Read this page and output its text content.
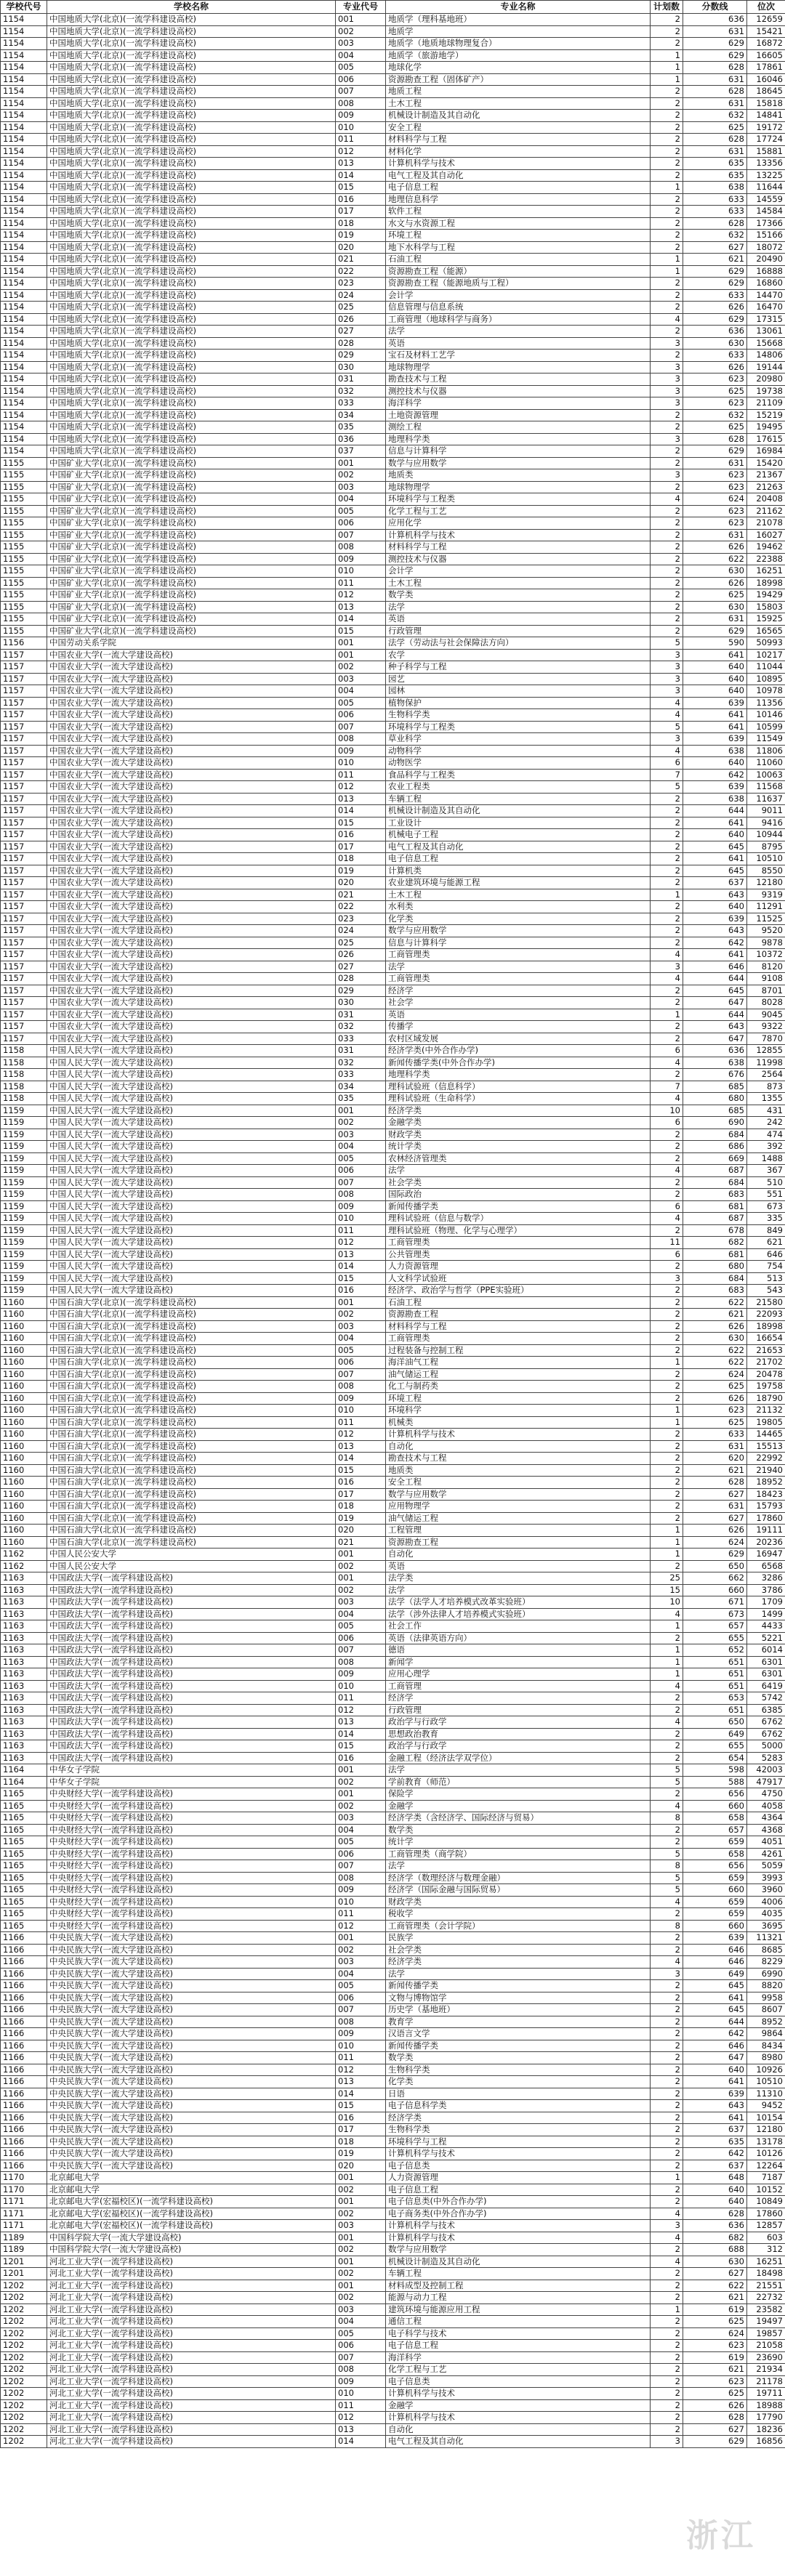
学校代号	学校名称	专业代号	专业名称	计划数	分数线	位次
1154	中国地质大学(北京)(一流学科建设高校)	001	地质学（理科基地班）	2	636	12659
1154	中国地质大学(北京)(一流学科建设高校)	002	地质学	2	631	15421
1154	中国地质大学(北京)(一流学科建设高校)	003	地质学（地质地球物理复合）	2	629	16872
1154	中国地质大学(北京)(一流学科建设高校)	004	地质学（旅游地学）	1	629	16605
1154	中国地质大学(北京)(一流学科建设高校)	005	地球化学	1	628	17861
1154	中国地质大学(北京)(一流学科建设高校)	006	资源勘查工程（固体矿产）	1	631	16046
1154	中国地质大学(北京)(一流学科建设高校)	007	地质工程	2	628	18645
1154	中国地质大学(北京)(一流学科建设高校)	008	土木工程	2	631	15818
1154	中国地质大学(北京)(一流学科建设高校)	009	机械设计制造及其自动化	2	632	14841
1154	中国地质大学(北京)(一流学科建设高校)	010	安全工程	2	625	19172
1154	中国地质大学(北京)(一流学科建设高校)	011	材料科学与工程	2	628	17724
1154	中国地质大学(北京)(一流学科建设高校)	012	材料化学	2	631	15881
1154	中国地质大学(北京)(一流学科建设高校)	013	计算机科学与技术	2	635	13356
1154	中国地质大学(北京)(一流学科建设高校)	014	电气工程及其自动化	2	635	13225
1154	中国地质大学(北京)(一流学科建设高校)	015	电子信息工程	1	638	11644
1154	中国地质大学(北京)(一流学科建设高校)	016	地理信息科学	2	633	14559
1154	中国地质大学(北京)(一流学科建设高校)	017	软件工程	2	633	14584
1154	中国地质大学(北京)(一流学科建设高校)	018	水文与水资源工程	2	628	17366
1154	中国地质大学(北京)(一流学科建设高校)	019	环境工程	2	632	15166
1154	中国地质大学(北京)(一流学科建设高校)	020	地下水科学与工程	2	627	18072
1154	中国地质大学(北京)(一流学科建设高校)	021	石油工程	1	621	20490
1154	中国地质大学(北京)(一流学科建设高校)	022	资源勘查工程（能源）	1	629	16888
1154	中国地质大学(北京)(一流学科建设高校)	023	资源勘查工程（能源地质与工程）	2	629	16860
1154	中国地质大学(北京)(一流学科建设高校)	024	会计学	2	633	14470
1154	中国地质大学(北京)(一流学科建设高校)	025	信息管理与信息系统	2	626	16470
1154	中国地质大学(北京)(一流学科建设高校)	026	工商管理（地球科学与商务）	4	629	17315
1154	中国地质大学(北京)(一流学科建设高校)	027	法学	2	636	13061
1154	中国地质大学(北京)(一流学科建设高校)	028	英语	3	630	15668
1154	中国地质大学(北京)(一流学科建设高校)	029	宝石及材料工艺学	2	633	14806
1154	中国地质大学(北京)(一流学科建设高校)	030	地球物理学	3	626	19144
1154	中国地质大学(北京)(一流学科建设高校)	031	勘查技术与工程	3	623	20980
1154	中国地质大学(北京)(一流学科建设高校)	032	测控技术与仪器	3	625	19738
1154	中国地质大学(北京)(一流学科建设高校)	033	海洋科学	3	623	21109
1154	中国地质大学(北京)(一流学科建设高校)	034	土地资源管理	2	632	15219
1154	中国地质大学(北京)(一流学科建设高校)	035	测绘工程	2	625	19495
1154	中国地质大学(北京)(一流学科建设高校)	036	地理科学类	3	628	17615
1154	中国地质大学(北京)(一流学科建设高校)	037	信息与计算科学	2	629	16984
1155	中国矿业大学(北京)(一流学科建设高校)	001	数学与应用数学	2	631	15420
1155	中国矿业大学(北京)(一流学科建设高校)	002	地质类	3	623	21367
1155	中国矿业大学(北京)(一流学科建设高校)	003	地球物理学	2	623	21263
1155	中国矿业大学(北京)(一流学科建设高校)	004	环境科学与工程类	4	624	20408
1155	中国矿业大学(北京)(一流学科建设高校)	005	化学工程与工艺	2	623	21162
1155	中国矿业大学(北京)(一流学科建设高校)	006	应用化学	2	623	21078
1155	中国矿业大学(北京)(一流学科建设高校)	007	计算机科学与技术	2	631	16027
1155	中国矿业大学(北京)(一流学科建设高校)	008	材料科学与工程	2	626	19462
1155	中国矿业大学(北京)(一流学科建设高校)	009	测控技术与仪器	2	622	22388
1155	中国矿业大学(北京)(一流学科建设高校)	010	会计学	2	630	16251
1155	中国矿业大学(北京)(一流学科建设高校)	011	土木工程	2	626	18998
1155	中国矿业大学(北京)(一流学科建设高校)	012	数学类	2	625	19429
1155	中国矿业大学(北京)(一流学科建设高校)	013	法学	2	630	15803
1155	中国矿业大学(北京)(一流学科建设高校)	014	英语	2	631	15925
1155	中国矿业大学(北京)(一流学科建设高校)	015	行政管理	2	629	16565
1156	中国劳动关系学院	001	法学（劳动法与社会保障法方向）	5	590	50993
1157	中国农业大学(一流大学建设高校)	001	农学	3	641	10217
1157	中国农业大学(一流大学建设高校)	002	种子科学与工程	3	640	11044
1157	中国农业大学(一流大学建设高校)	003	园艺	3	640	10895
1157	中国农业大学(一流大学建设高校)	004	园林	3	640	10978
1157	中国农业大学(一流大学建设高校)	005	植物保护	4	639	11356
1157	中国农业大学(一流大学建设高校)	006	生物科学类	4	641	10146
1157	中国农业大学(一流大学建设高校)	007	环境科学与工程类	5	641	10599
1157	中国农业大学(一流大学建设高校)	008	草业科学	3	639	11549
1157	中国农业大学(一流大学建设高校)	009	动物科学	4	638	11806
1157	中国农业大学(一流大学建设高校)	010	动物医学	6	640	11060
1157	中国农业大学(一流大学建设高校)	011	食品科学与工程类	7	642	10063
1157	中国农业大学(一流大学建设高校)	012	农业工程类	5	639	11568
1157	中国农业大学(一流大学建设高校)	013	车辆工程	2	638	11637
1157	中国农业大学(一流大学建设高校)	014	机械设计制造及其自动化	2	644	9011
1157	中国农业大学(一流大学建设高校)	015	工业设计	2	641	9416
1157	中国农业大学(一流大学建设高校)	016	机械电子工程	2	640	10944
1157	中国农业大学(一流大学建设高校)	017	电气工程及其自动化	2	645	8795
1157	中国农业大学(一流大学建设高校)	018	电子信息工程	2	641	10510
1157	中国农业大学(一流大学建设高校)	019	计算机类	2	645	8550
1157	中国农业大学(一流大学建设高校)	020	农业建筑环境与能源工程	2	637	12180
1157	中国农业大学(一流大学建设高校)	021	土木工程	1	643	9319
1157	中国农业大学(一流大学建设高校)	022	水利类	2	640	11291
1157	中国农业大学(一流大学建设高校)	023	化学类	2	639	11525
1157	中国农业大学(一流大学建设高校)	024	数学与应用数学	2	643	9520
1157	中国农业大学(一流大学建设高校)	025	信息与计算科学	2	642	9878
1157	中国农业大学(一流大学建设高校)	026	工商管理类	4	641	10372
1157	中国农业大学(一流大学建设高校)	027	法学	3	646	8120
1157	中国农业大学(一流大学建设高校)	028	工商管理类	4	644	9108
1157	中国农业大学(一流大学建设高校)	029	经济学	2	645	8701
1157	中国农业大学(一流大学建设高校)	030	社会学	2	647	8028
1157	中国农业大学(一流大学建设高校)	031	英语	1	644	9045
1157	中国农业大学(一流大学建设高校)	032	传播学	2	643	9322
1157	中国农业大学(一流大学建设高校)	033	农村区域发展	2	647	7870
1158	中国人民大学(一流大学建设高校)	031	经济学类(中外合作办学)	6	636	12855
1158	中国人民大学(一流大学建设高校)	032	新闻传播学类(中外合作办学)	4	638	11998
1158	中国人民大学(一流大学建设高校)	033	地理科学类	2	676	2564
1158	中国人民大学(一流大学建设高校)	034	理科试验班（信息科学）	7	685	873
1158	中国人民大学(一流大学建设高校)	035	理科试验班（生命科学）	4	680	1355
1159	中国人民大学(一流大学建设高校)	001	经济学类	10	685	431
1159	中国人民大学(一流大学建设高校)	002	金融学类	6	690	242
1159	中国人民大学(一流大学建设高校)	003	财政学类	2	684	474
1159	中国人民大学(一流大学建设高校)	004	统计学类	2	686	392
1159	中国人民大学(一流大学建设高校)	005	农林经济管理类	2	669	1488
1159	中国人民大学(一流大学建设高校)	006	法学	4	687	367
1159	中国人民大学(一流大学建设高校)	007	社会学类	2	684	510
1159	中国人民大学(一流大学建设高校)	008	国际政治	2	683	551
1159	中国人民大学(一流大学建设高校)	009	新闻传播学类	6	681	673
1159	中国人民大学(一流大学建设高校)	010	理科试验班（信息与数学）	4	687	335
1159	中国人民大学(一流大学建设高校)	011	理科试验班（物理、化学与心理学）	2	678	849
1159	中国人民大学(一流大学建设高校)	012	工商管理类	11	682	621
1159	中国人民大学(一流大学建设高校)	013	公共管理类	6	681	646
1159	中国人民大学(一流大学建设高校)	014	人力资源管理	2	680	754
1159	中国人民大学(一流大学建设高校)	015	人文科学试验班	3	684	513
1159	中国人民大学(一流大学建设高校)	016	经济学、政治学与哲学（PPE实验班）	2	683	543
1160	中国石油大学(北京)(一流学科建设高校)	001	石油工程	2	622	21580
1160	中国石油大学(北京)(一流学科建设高校)	002	资源勘查工程	2	621	22093
1160	中国石油大学(北京)(一流学科建设高校)	003	材料科学与工程	2	626	18998
1160	中国石油大学(北京)(一流学科建设高校)	004	工商管理类	2	630	16654
1160	中国石油大学(北京)(一流学科建设高校)	005	过程装备与控制工程	2	622	21653
1160	中国石油大学(北京)(一流学科建设高校)	006	海洋油气工程	1	622	21702
1160	中国石油大学(北京)(一流学科建设高校)	007	油气储运工程	2	624	20478
1160	中国石油大学(北京)(一流学科建设高校)	008	化工与制药类	2	625	19758
1160	中国石油大学(北京)(一流学科建设高校)	009	环境工程	2	626	18790
1160	中国石油大学(北京)(一流学科建设高校)	010	环境科学	1	623	21132
1160	中国石油大学(北京)(一流学科建设高校)	011	机械类	1	625	19805
1160	中国石油大学(北京)(一流学科建设高校)	012	计算机科学与技术	2	633	14465
1160	中国石油大学(北京)(一流学科建设高校)	013	自动化	2	631	15513
1160	中国石油大学(北京)(一流学科建设高校)	014	勘查技术与工程	2	620	22992
1160	中国石油大学(北京)(一流学科建设高校)	015	地质类	2	621	21940
1160	中国石油大学(北京)(一流学科建设高校)	016	安全工程	2	628	18952
1160	中国石油大学(北京)(一流学科建设高校)	017	数学与应用数学	2	627	18423
1160	中国石油大学(北京)(一流学科建设高校)	018	应用物理学	2	631	15793
1160	中国石油大学(北京)(一流学科建设高校)	019	油气储运工程	2	627	17860
1160	中国石油大学(北京)(一流学科建设高校)	020	工程管理	1	626	19111
1160	中国石油大学(北京)(一流学科建设高校)	021	资源勘查工程	1	624	20236
1162	中国人民公安大学	001	自动化	1	629	16947
1162	中国人民公安大学	002	英语	2	650	6568
1163	中国政法大学(一流学科建设高校)	001	法学类	25	662	3286
1163	中国政法大学(一流学科建设高校)	002	法学	15	660	3786
1163	中国政法大学(一流学科建设高校)	003	法学（法学人才培养模式改革实验班）	10	671	1709
1163	中国政法大学(一流学科建设高校)	004	法学（涉外法律人才培养模式实验班）	4	673	1499
1163	中国政法大学(一流学科建设高校)	005	社会工作	1	657	4433
1163	中国政法大学(一流学科建设高校)	006	英语（法律英语方向）	2	655	5221
1163	中国政法大学(一流学科建设高校)	007	德语	1	652	6014
1163	中国政法大学(一流学科建设高校)	008	新闻学	1	651	6301
1163	中国政法大学(一流学科建设高校)	009	应用心理学	1	651	6301
1163	中国政法大学(一流学科建设高校)	010	工商管理	4	651	6419
1163	中国政法大学(一流学科建设高校)	011	经济学	2	653	5742
1163	中国政法大学(一流学科建设高校)	012	行政管理	2	651	6385
1163	中国政法大学(一流学科建设高校)	013	政治学与行政学	4	650	6762
1163	中国政法大学(一流学科建设高校)	014	思想政治教育	2	649	6762
1163	中国政法大学(一流学科建设高校)	015	政治学与行政学	2	655	5000
1163	中国政法大学(一流学科建设高校)	016	金融工程（经济法学双学位）	2	654	5283
1164	中华女子学院	001	法学	5	598	42003
1164	中华女子学院	002	学前教育（师范）	5	588	47917
1165	中央财经大学(一流学科建设高校)	001	保险学	2	656	4750
1165	中央财经大学(一流学科建设高校)	002	金融学	4	660	4058
1165	中央财经大学(一流学科建设高校)	003	经济学类（含经济学、国际经济与贸易）	8	658	4364
1165	中央财经大学(一流学科建设高校)	004	数学类	2	657	4368
1165	中央财经大学(一流学科建设高校)	005	统计学	2	659	4051
1165	中央财经大学(一流学科建设高校)	006	工商管理类（商学院）	5	658	4261
1165	中央财经大学(一流学科建设高校)	007	法学	8	656	5059
1165	中央财经大学(一流学科建设高校)	008	经济学（数理经济与数理金融）	5	659	3993
1165	中央财经大学(一流学科建设高校)	009	经济学（国际金融与国际贸易）	5	660	3960
1165	中央财经大学(一流学科建设高校)	010	财政学类	4	659	4006
1165	中央财经大学(一流学科建设高校)	011	税收学	2	659	4035
1165	中央财经大学(一流学科建设高校)	012	工商管理类（会计学院）	8	660	3695
1166	中央民族大学(一流大学建设高校)	001	民族学	2	639	11321
1166	中央民族大学(一流大学建设高校)	002	社会学类	2	646	8685
1166	中央民族大学(一流大学建设高校)	003	经济学类	4	646	8229
1166	中央民族大学(一流大学建设高校)	004	法学	3	649	6990
1166	中央民族大学(一流大学建设高校)	005	新闻传播学类	2	645	8820
1166	中央民族大学(一流大学建设高校)	006	文物与博物馆学	2	641	9958
1166	中央民族大学(一流大学建设高校)	007	历史学（基地班）	2	645	8607
1166	中央民族大学(一流大学建设高校)	008	教育学	2	644	8952
1166	中央民族大学(一流大学建设高校)	009	汉语言文学	2	642	9864
1166	中央民族大学(一流大学建设高校)	010	新闻传播学类	2	646	8434
1166	中央民族大学(一流大学建设高校)	011	数学类	2	647	8980
1166	中央民族大学(一流大学建设高校)	012	生物科学类	2	640	10926
1166	中央民族大学(一流大学建设高校)	013	化学类	2	641	10510
1166	中央民族大学(一流大学建设高校)	014	日语	2	639	11310
1166	中央民族大学(一流大学建设高校)	015	电子信息科学类	2	643	9452
1166	中央民族大学(一流大学建设高校)	016	经济学类	2	641	10154
1166	中央民族大学(一流大学建设高校)	017	生物科学类	2	637	12180
1166	中央民族大学(一流大学建设高校)	018	环境科学与工程	2	635	13178
1166	中央民族大学(一流大学建设高校)	019	计算机科学与技术	2	642	10126
1166	中央民族大学(一流大学建设高校)	020	电子信息类	2	637	12264
1170	北京邮电大学	001	人力资源管理	1	648	7187
1170	北京邮电大学	002	电子信息工程	2	640	10152
1171	北京邮电大学(宏福校区)(一流学科建设高校)	001	电子信息类(中外合作办学)	2	640	10849
1171	北京邮电大学(宏福校区)(一流学科建设高校)	002	电子商务类(中外合作办学)	4	628	17860
1171	北京邮电大学(宏福校区)(一流学科建设高校)	003	计算机科学与技术	3	636	12857
1189	中国科学院大学(一流大学建设高校)	001	计算机科学与技术	4	682	603
1189	中国科学院大学(一流大学建设高校)	002	数学与应用数学	2	688	312
1201	河北工业大学(一流学科建设高校)	001	机械设计制造及其自动化	4	630	16251
1201	河北工业大学(一流学科建设高校)	002	车辆工程	2	627	18498
1202	河北工业大学(一流学科建设高校)	001	材料成型及控制工程	2	622	21551
1202	河北工业大学(一流学科建设高校)	002	能源与动力工程	2	621	22732
1202	河北工业大学(一流学科建设高校)	003	建筑环境与能源应用工程	1	619	23582
1202	河北工业大学(一流学科建设高校)	004	通信工程	2	625	19497
1202	河北工业大学(一流学科建设高校)	005	电子科学与技术	2	624	19857
1202	河北工业大学(一流学科建设高校)	006	电子信息工程	2	623	21058
1202	河北工业大学(一流学科建设高校)	007	海洋科学	2	619	23690
1202	河北工业大学(一流学科建设高校)	008	化学工程与工艺	2	621	21934
1202	河北工业大学(一流学科建设高校)	009	电子信息类	2	623	21178
1202	河北工业大学(一流学科建设高校)	010	计算机科学与技术	2	625	19711
1202	河北工业大学(一流学科建设高校)	011	金融学	2	626	18988
1202	河北工业大学(一流学科建设高校)	012	计算机科学与技术	2	628	17790
1202	河北工业大学(一流学科建设高校)	013	自动化	2	627	18236
1202	河北工业大学(一流学科建设高校)	014	电气工程及其自动化	3	629	16856
浙江
